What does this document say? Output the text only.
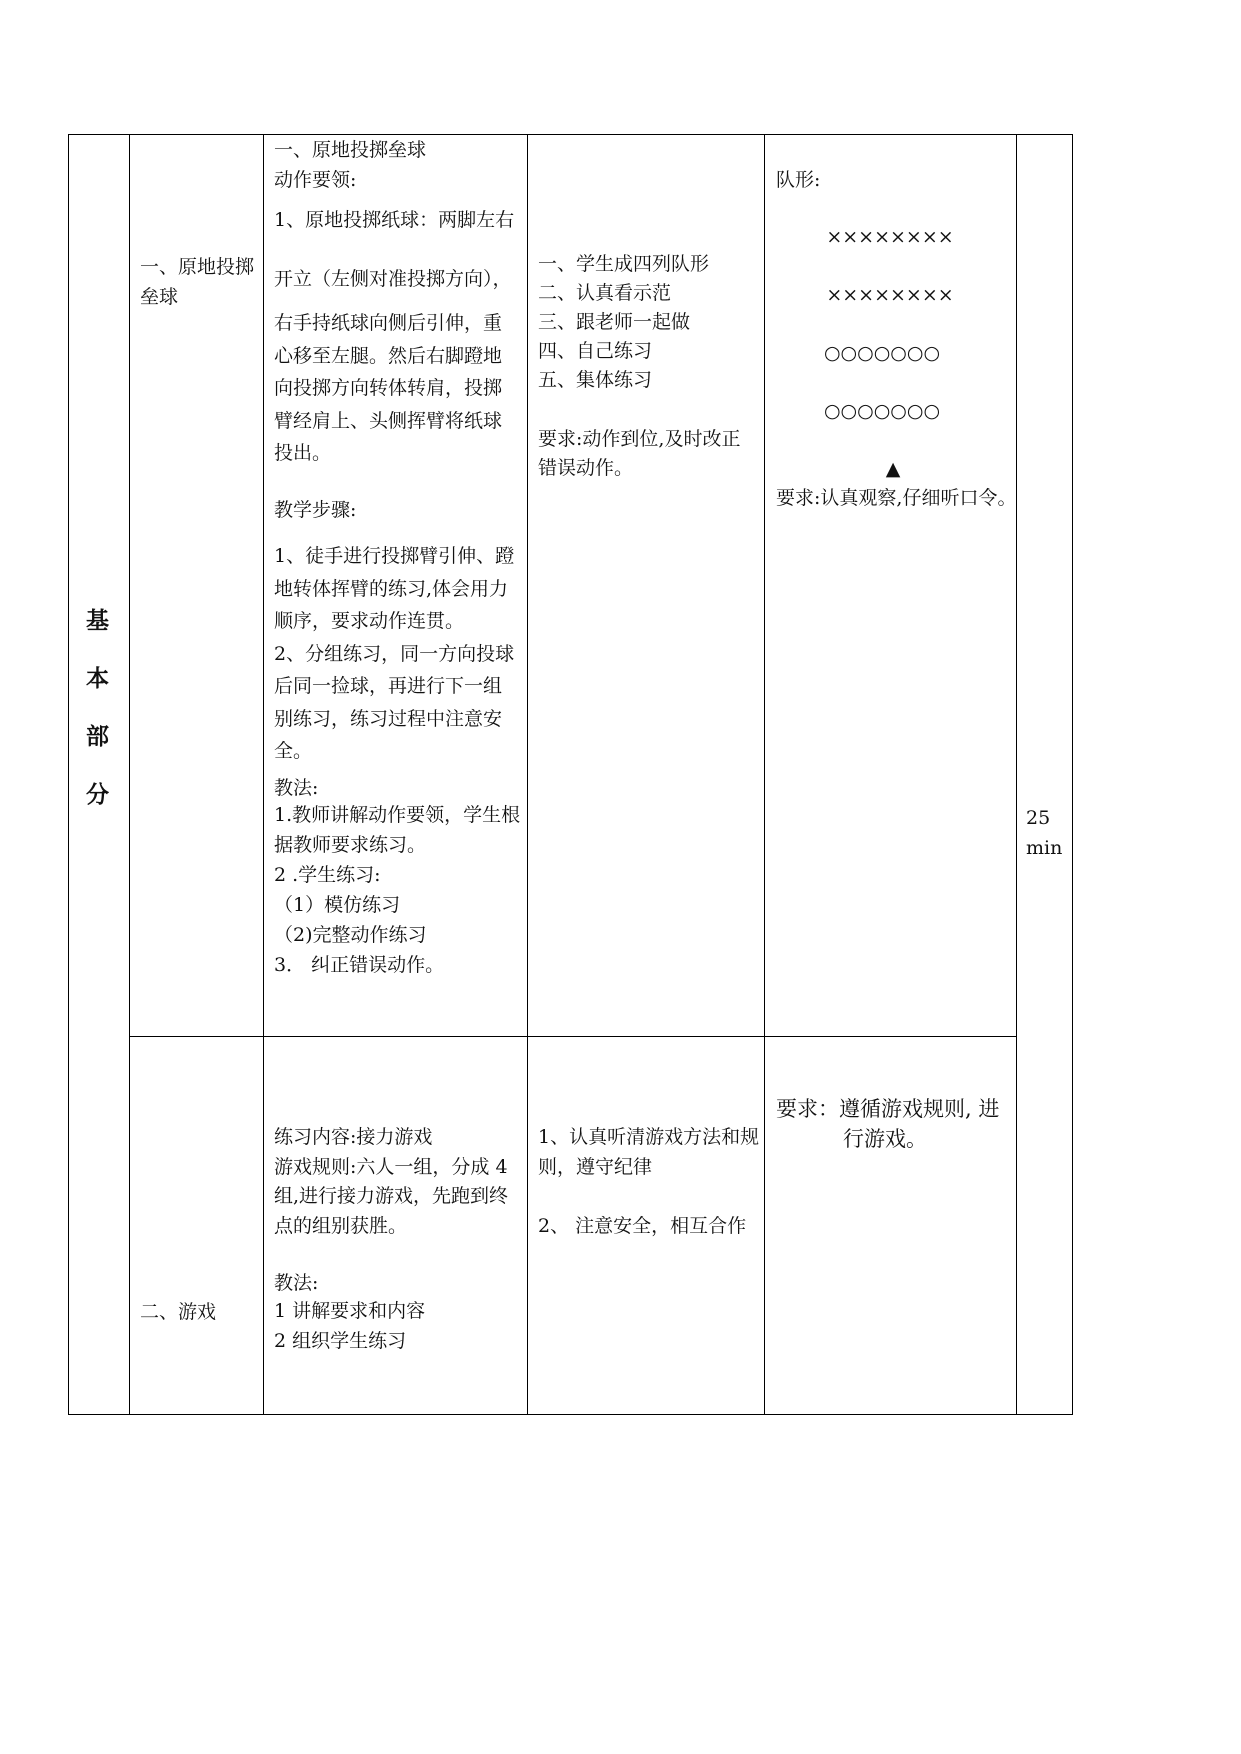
基
本
部
分
25
min
一、原地投掷
垒球
一、原地投掷垒球
动作要领:
1、原地投掷纸球：两脚左右
开立（左侧对准投掷方向），
右手持纸球向侧后引伸，重
心移至左腿。然后右脚蹬地
向投掷方向转体转肩，投掷
臂经肩上、头侧挥臂将纸球
投出。
教学步骤:
1、徒手进行投掷臂引伸、蹬
地转体挥臂的练习,体会用力
顺序，要求动作连贯。
2、分组练习，同一方向投球
后同一捡球，再进行下一组
别练习，练习过程中注意安
全。
教法:
1.教师讲解动作要领，学生根
据教师要求练习。
2 .学生练习:
（1）模仿练习
（2)完整动作练习
3． 纠正错误动作。
一、学生成四列队形
二、认真看示范
三、跟老师一起做
四、自己练习
五、集体练习
要求:动作到位,及时改正
错误动作。
队形:
××××××××
××××××××
○○○○○○○
○○○○○○○
▲
要求:认真观察,仔细听口令。
二、游戏
练习内容:接力游戏
游戏规则:六人一组，分成 4
组,进行接力游戏，先跑到终
点的组别获胜。
教法:
1 讲解要求和内容
2 组织学生练习
1、认真听清游戏方法和规
则，遵守纪律
2、 注意安全，相互合作
要求：遵循游戏规则, 进
行游戏。
